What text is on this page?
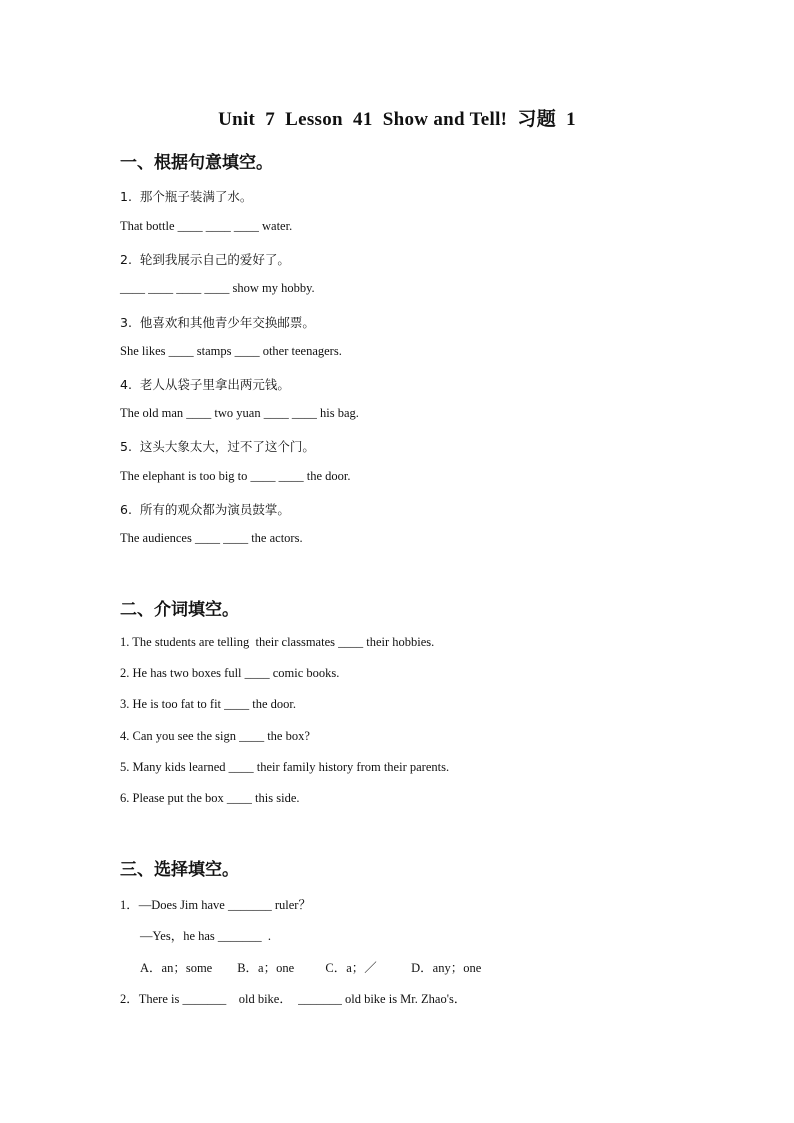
Unit  7  Lesson  41  Show and Tell!  习题  1
一、根据句意填空。
1.  那个瓶子装满了水。
That bottle ____ ____ ____ water.
2.  轮到我展示自己的爱好了。
____ ____ ____ ____ show my hobby.
3.  他喜欢和其他青少年交换邮票。
She likes ____ stamps ____ other teenagers.
4.  老人从袋子里拿出两元钱。
The old man ____ two yuan ____ ____ his bag.
5.  这头大象太大，过不了这个门。
The elephant is too big to ____ ____ the door.
6.  所有的观众都为演员鼓掌。
The audiences ____ ____ the actors.
二、介词填空。
1. The students are telling  their classmates ____ their hobbies.
2. He has two boxes full ____ comic books.
3. He is too fat to fit ____ the door.
4. Can you see the sign ____ the box?
5. Many kids learned ____ their family history from their parents.
6. Please put the box ____ this side.
三、选择填空。
1．—Does Jim have _______ ruler？
—Yes，he has _______  .
A．an；some        B．a；one          C．a；／           D．any；one
2．There is _______    old bike．  _______ old bike is Mr. Zhao's．
